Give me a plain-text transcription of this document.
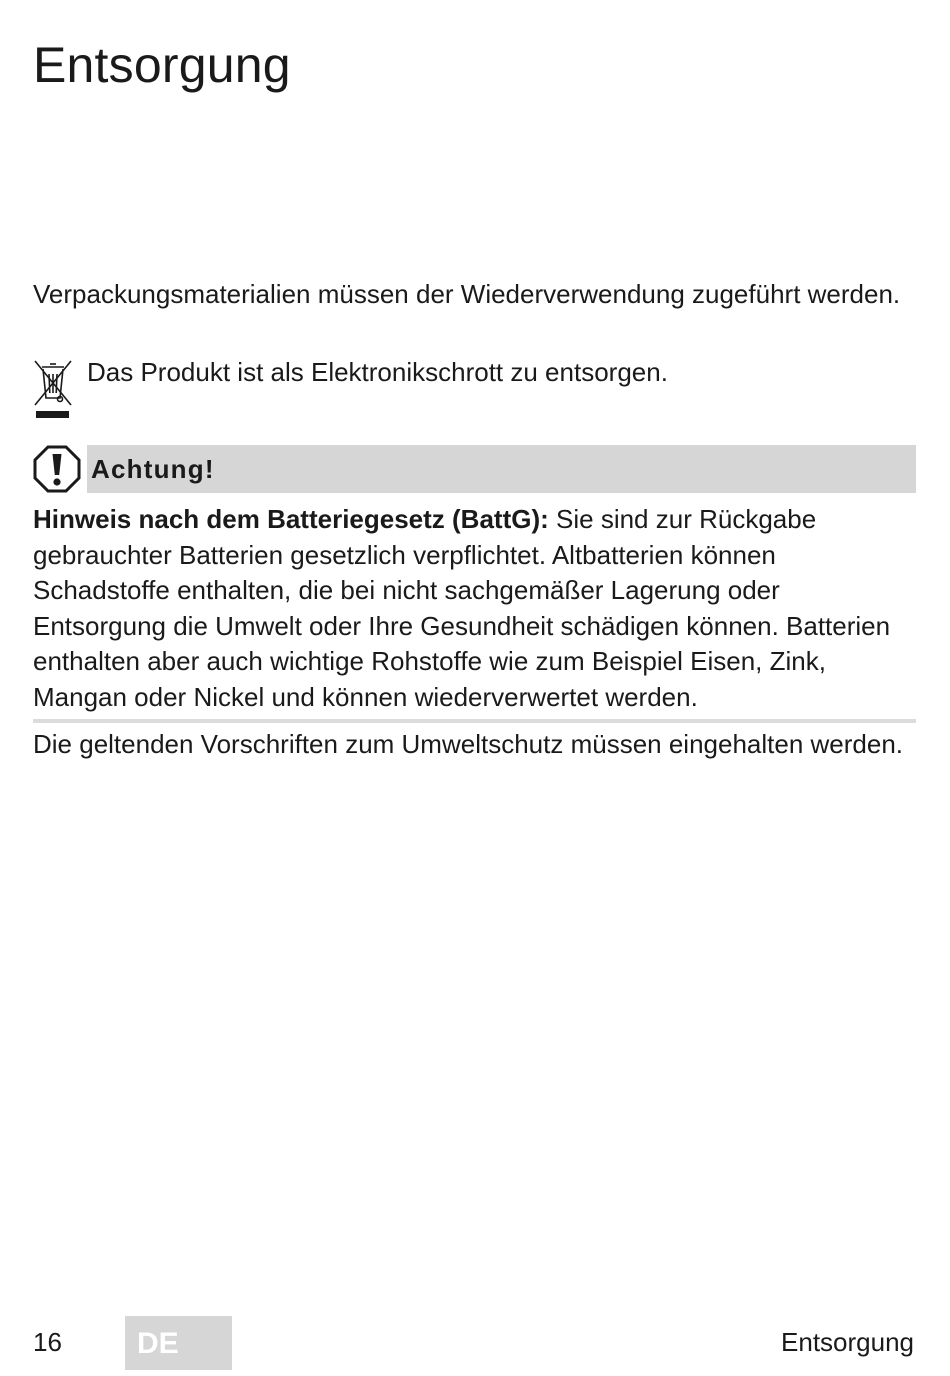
Entsorgung

Verpackungsmaterialien müssen der Wiederverwendung zugeführt werden.

Das Produkt ist als Elektronikschrott zu entsorgen.
Achtung!

Hinweis nach dem Batteriegesetz (BattG): Sie sind zur Rückgabe gebrauchter Batterien gesetzlich verpflichtet. Altbatterien können Schadstoffe enthalten, die bei nicht sachgemäßer Lagerung oder Entsorgung die Umwelt oder Ihre Gesundheit schädigen können. Batterien enthalten aber auch wichtige Rohstoffe wie zum Beispiel Eisen, Zink, Mangan oder Nickel und können wiederverwertet werden.

Die geltenden Vorschriften zum Umweltschutz müssen eingehalten werden.

16	DE	Entsorgung
